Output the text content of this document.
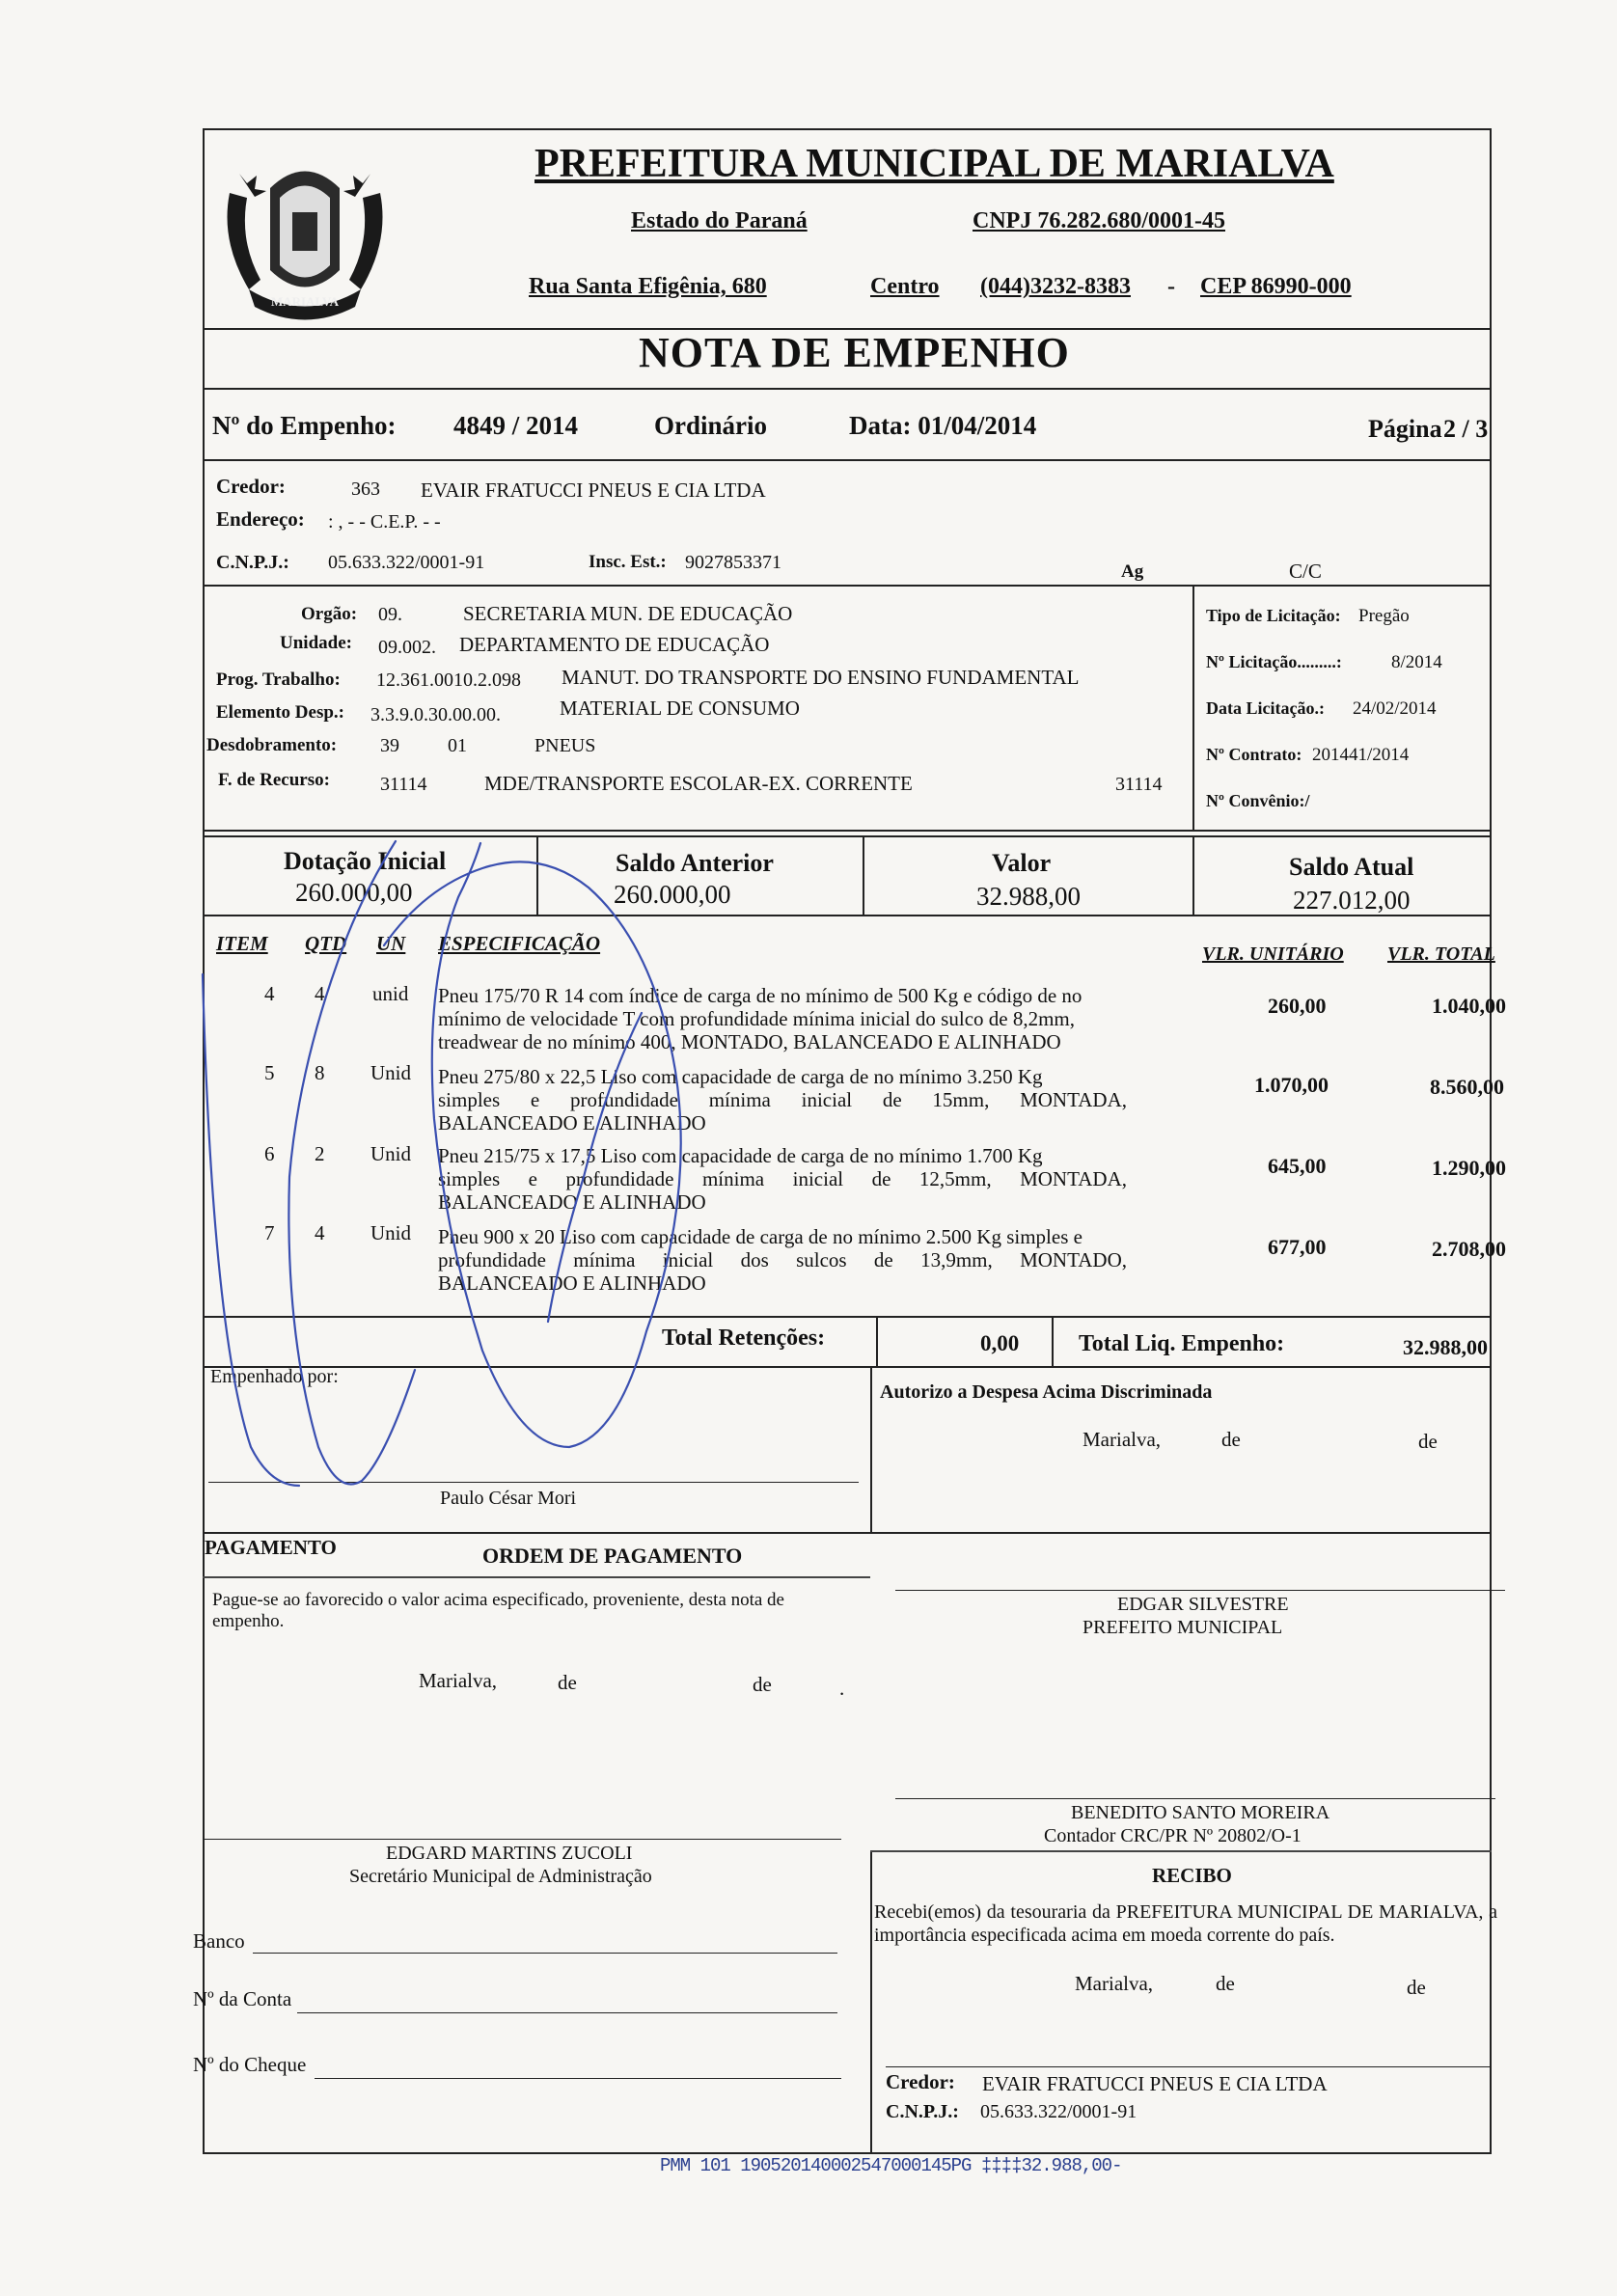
MARIALVA
PREFEITURA MUNICIPAL DE MARIALVA
Estado do Paraná	CNPJ 76.282.680/0001-45
Rua Santa Efigênia, 680	Centro (044)3232-8383 - CEP 86990-000
NOTA DE EMPENHO
Nº do Empenho: 4849 / 2014	Ordinário	Data: 01/04/2014	Página 2 / 3
Credor:	363 EVAIR FRATUCCI PNEUS E CIA LTDA
Endereço: : , - - C.E.P. - -
C.N.P.J.: 05.633.322/0001-91	Insc. Est.: 9027853371	Ag	C/C
Orgão: 09.	SECRETARIA MUN. DE EDUCAÇÃO
Unidade: 09.002. DEPARTAMENTO DE EDUCAÇÃO
Prog. Trabalho: 12.361.0010.2.098 MANUT. DO TRANSPORTE DO ENSINO FUNDAMENTAL
Elemento Desp.: 3.3.9.0.30.00.00.	MATERIAL DE CONSUMO
Desdobramento: 39	01	PNEUS
F. de Recurso:	31114	MDE/TRANSPORTE ESCOLAR-EX. CORRENTE	31114
Tipo de Licitação: Pregão
Nº Licitação.........:	8/2014
Data Licitação.: 24/02/2014
Nº Contrato: 201441/2014
Nº Convênio:/
Dotação Inicial
260.000,00
Saldo Anterior
260.000,00
Valor
32.988,00
Saldo Atual
227.012,00
ITEM QTD UN ESPECIFICAÇÃO	VLR. UNITÁRIO VLR. TOTAL
4 4 unid Pneu 175/70 R 14 com índice de carga de no mínimo de 500 Kg e código de no
mínimo de velocidade T com profundidade mínima inicial do sulco de 8,2mm,
treadwear de no mínimo 400, MONTADO, BALANCEADO E ALINHADO
260,00	1.040,00
5 8 Unid Pneu 275/80 x 22,5 Liso com capacidade de carga de no mínimo 3.250 Kg
simples e profundidade mínima inicial de 15mm, MONTADA,
BALANCEADO E ALINHADO
1.070,00	8.560,00
6 2 Unid Pneu 215/75 x 17,5 Liso com capacidade de carga de no mínimo 1.700 Kg
simples e profundidade mínima inicial de 12,5mm, MONTADA,
BALANCEADO E ALINHADO
645,00	1.290,00
7 4 Unid Pneu 900 x 20 Liso com capacidade de carga de no mínimo 2.500 Kg simples e
profundidade mínima inicial dos sulcos de 13,9mm, MONTADO,
BALANCEADO E ALINHADO
677,00	2.708,00
Total Retenções:	0,00	Total Liq. Empenho:	32.988,00
Empenhado por:
Paulo César Mori
Autorizo a Despesa Acima Discriminada
Marialva,	de	de
PAGAMENTO	ORDEM DE PAGAMENTO
Pague-se ao favorecido o valor acima especificado, proveniente, desta nota de empenho.
Marialva,	de	de	.
EDGAR SILVESTRE
PREFEITO MUNICIPAL
BENEDITO SANTO MOREIRA
Contador CRC/PR Nº 20802/O-1
EDGARD MARTINS ZUCOLI
Secretário Municipal de Administração	RECIBO
Recebi(emos) da tesouraria da PREFEITURA MUNICIPAL DE MARIALVA, a importância especificada acima em moeda corrente do país.
Marialva,	de	de
Credor: EVAIR FRATUCCI PNEUS E CIA LTDA
C.N.P.J.: 05.633.322/0001-91
Banco
Nº da Conta
Nº do Cheque
PMM 101 190520140002547000145PG ‡‡‡‡32.988,00-
